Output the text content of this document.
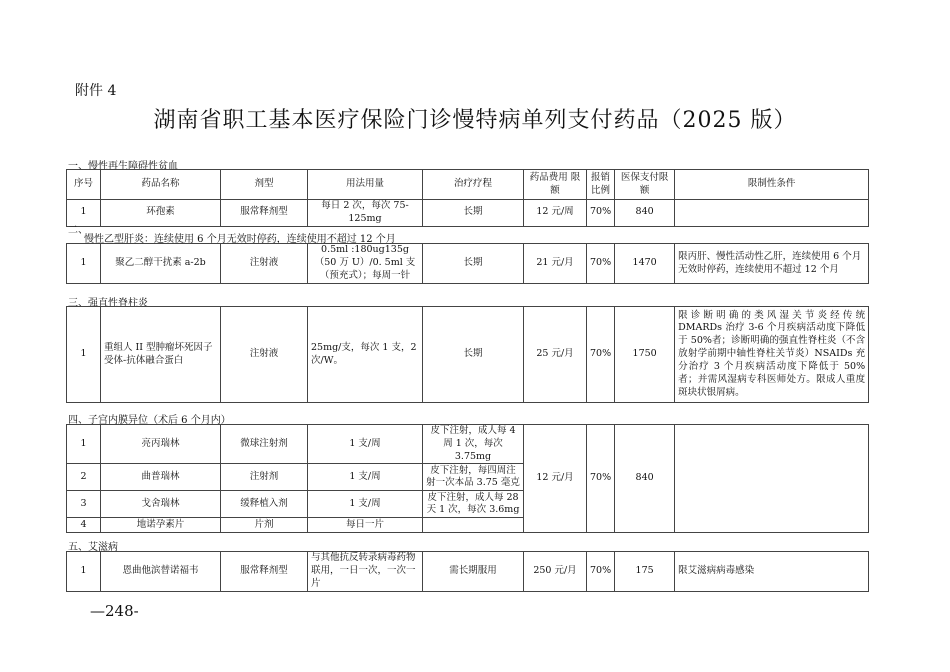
附件 4
湖南省职工基本医疗保险门诊慢特病单列支付药品（2025 版）
一、慢性再生障碍性贫血
序号	药品名称	剂型	用法用量	治疗疗程	药品费用 限额	报销比例	医保支付限额	限制性条件
1	环孢素	服常释剂型	每日 2 次，每次 75-125mg	长期	12 元/周	70%	840	
二、
慢性乙型肝炎：连续使用 6 个月无效时停药，连续使用不超过 12 个月
1	聚乙二醇干扰素 a-2b	注射液	0.5ml :180ug135g（50 万 U）/0. 5ml 支（预充式）；每周一针	长期	21 元/月	70%	1470	限丙肝、慢性活动性乙肝，连续使用 6 个月无效时停药，连续使用不超过 12 个月
三、强直性脊柱炎
1	重组人 II 型肿瘤坏死因子受体-抗体融合蛋白	注射液	25mg/支，每次 1 支，2 次/W。	长期	25 元/月	70%	1750	限诊断明确的类风湿关节炎经传统 DMARDs 治疗 3-6 个月疾病活动度下降低于 50%者；诊断明确的强直性脊柱炎（不含放射学前期中轴性脊柱关节炎）NSAIDs 充分治疗 3 个月疾病活动度下降低于 50%者；并需风湿病专科医师处方。限成人重度斑块状银屑病。
四、子宫内膜异位（术后 6 个月内）
1	亮丙瑞林	微球注射剂	1 支/周	皮下注射，成人每 4 周 1 次，每次 3.75mg	12 元/月	70%	840	
2	曲普瑞林	注射剂	1 支/周	皮下注射，每四周注射一次本品 3.75 毫克				
3	戈舍瑞林	缓释植入剂	1 支/周	皮下注射，成人每 28 天 1 次，每次 3.6mg				
4	地诺孕素片	片剂	每日一片					
五、艾滋病
1	恩曲他滨替诺福韦	服常释剂型	与其他抗反转录病毒药物联用，一日一次，一次一片	需长期服用	250 元/月	70%	175	限艾滋病病毒感染
—248-
